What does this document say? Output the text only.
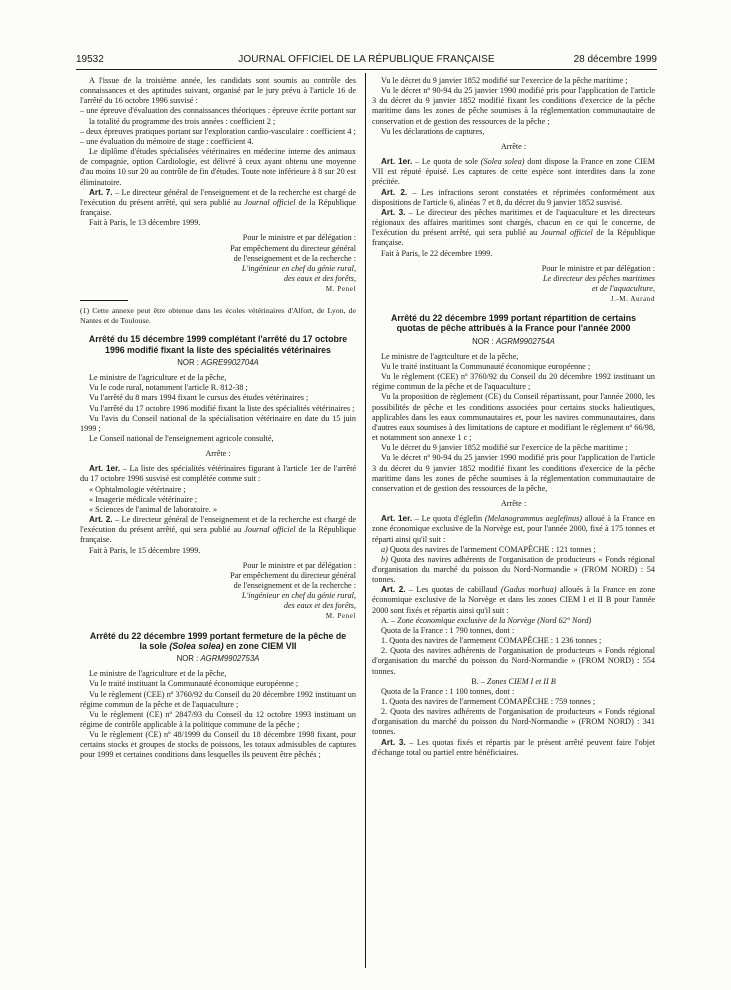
19532	JOURNAL OFFICIEL DE LA RÉPUBLIQUE FRANÇAISE	28 décembre 1999

A l'issue de la troisième année, les candidats sont soumis au contrôle des connaissances et des aptitudes suivant, organisé par le jury prévu à l'article 16 de l'arrêté du 16 octobre 1996 susvisé :

– une épreuve d'évaluation des connaissances théoriques : épreuve écrite portant sur la totalité du programme des trois années : coefficient 2 ;

– deux épreuves pratiques portant sur l'exploration cardio-vasculaire : coefficient 4 ;

– une évaluation du mémoire de stage : coefficient 4.

Le diplôme d'études spécialisées vétérinaires en médecine interne des animaux de compagnie, option Cardiologie, est délivré à ceux ayant obtenu une moyenne d'au moins 10 sur 20 au contrôle de fin d'études. Toute note inférieure à 8 sur 20 est éliminatoire.

Art. 7. – Le directeur général de l'enseignement et de la recherche est chargé de l'exécution du présent arrêté, qui sera publié au Journal officiel de la République française.

Fait à Paris, le 13 décembre 1999.

Pour le ministre et par délégation :

Par empêchement du directeur général

de l'enseignement et de la recherche :

L'ingénieur en chef du génie rural,

des eaux et des forêts,

M. Penel

(1) Cette annexe peut être obtenue dans les écoles vétérinaires d'Alfort, de Lyon, de Nantes et de Toulouse.

Arrêté du 15 décembre 1999 complétant l'arrêté du 17 octobre 1996 modifié fixant la liste des spécialités vétérinaires

NOR : AGRE9902704A

Le ministre de l'agriculture et de la pêche,

Vu le code rural, notamment l'article R. 812-38 ;

Vu l'arrêté du 8 mars 1994 fixant le cursus des études vétérinaires ;

Vu l'arrêté du 17 octobre 1996 modifié fixant la liste des spécialités vétérinaires ;

Vu l'avis du Conseil national de la spécialisation vétérinaire en date du 15 juin 1999 ;

Le Conseil national de l'enseignement agricole consulté,

Arrête :

Art. 1er. – La liste des spécialités vétérinaires figurant à l'article 1er de l'arrêté du 17 octobre 1996 susvisé est complétée comme suit :

« Ophtalmologie vétérinaire ;

« Imagerie médicale vétérinaire ;

« Sciences de l'animal de laboratoire. »

Art. 2. – Le directeur général de l'enseignement et de la recherche est chargé de l'exécution du présent arrêté, qui sera publié au Journal officiel de la République française.

Fait à Paris, le 15 décembre 1999.

Pour le ministre et par délégation :

Par empêchement du directeur général

de l'enseignement et de la recherche :

L'ingénieur en chef du génie rural,

des eaux et des forêts,

M. Penel

Arrêté du 22 décembre 1999 portant fermeture de la pêche de la sole (Solea solea) en zone CIEM VII

NOR : AGRM9902753A

Le ministre de l'agriculture et de la pêche,

Vu le traité instituant la Communauté économique européenne ;

Vu le règlement (CEE) nº 3760/92 du Conseil du 20 décembre 1992 instituant un régime commun de la pêche et de l'aquaculture ;

Vu le règlement (CE) nº 2847/93 du Conseil du 12 octobre 1993 instituant un régime de contrôle applicable à la politique commune de la pêche ;

Vu le règlement (CE) nº 48/1999 du Conseil du 18 décembre 1998 fixant, pour certains stocks et groupes de stocks de poissons, les totaux admissibles de captures pour 1999 et certaines conditions dans lesquelles ils peuvent être pêchés ;

Vu le décret du 9 janvier 1852 modifié sur l'exercice de la pêche maritime ;

Vu le décret nº 90-94 du 25 janvier 1990 modifié pris pour l'application de l'article 3 du décret du 9 janvier 1852 modifié fixant les conditions d'exercice de la pêche maritime dans les zones de pêche soumises à la réglementation communautaire de conservation et de gestion des ressources de la pêche ;

Vu les déclarations de captures,

Arrête :

Art. 1er. – Le quota de sole (Solea solea) dont dispose la France en zone CIEM VII est réputé épuisé. Les captures de cette espèce sont interdites dans la zone précitée.

Art. 2. – Les infractions seront constatées et réprimées conformément aux dispositions de l'article 6, alinéas 7 et 8, du décret du 9 janvier 1852 susvisé.

Art. 3. – Le directeur des pêches maritimes et de l'aquaculture et les directeurs régionaux des affaires maritimes sont chargés, chacun en ce qui le concerne, de l'exécution du présent arrêté, qui sera publié au Journal officiel de la République française.

Fait à Paris, le 22 décembre 1999.

Pour le ministre et par délégation :

Le directeur des pêches maritimes

et de l'aquaculture,

J.-M. Aurand

Arrêté du 22 décembre 1999 portant répartition de certains quotas de pêche attribués à la France pour l'année 2000

NOR : AGRM9902754A

Le ministre de l'agriculture et de la pêche,

Vu le traité instituant la Communauté économique européenne ;

Vu le règlement (CEE) nº 3760/92 du Conseil du 20 décembre 1992 instituant un régime commun de la pêche et de l'aquaculture ;

Vu la proposition de règlement (CE) du Conseil répartissant, pour l'année 2000, les possibilités de pêche et les conditions associées pour certains stocks halieutiques, applicables dans les eaux communautaires et, pour les navires communautaires, dans d'autres eaux soumises à des limitations de capture et modifiant le règlement nº 66/98, et notamment son annexe 1 c ;

Vu le décret du 9 janvier 1852 modifié sur l'exercice de la pêche maritime ;

Vu le décret nº 90-94 du 25 janvier 1990 modifié pris pour l'application de l'article 3 du décret du 9 janvier 1852 modifié fixant les conditions d'exercice de la pêche maritime dans les zones de pêche soumises à la réglementation communautaire de conservation et de gestion des ressources de la pêche,

Arrête :

Art. 1er. – Le quota d'églefin (Melanogrammus aeglefinus) alloué à la France en zone économique exclusive de la Norvège est, pour l'année 2000, fixé à 175 tonnes et réparti ainsi qu'il suit :

a) Quota des navires de l'armement COMAPÊCHE : 121 tonnes ;

b) Quota des navires adhérents de l'organisation de producteurs « Fonds régional d'organisation du marché du poisson du Nord-Normandie » (FROM NORD) : 54 tonnes.

Art. 2. – Les quotas de cabillaud (Gadus morhua) alloués à la France en zone économique exclusive de la Norvège et dans les zones CIEM I et II B pour l'année 2000 sont fixés et répartis ainsi qu'il suit :

A. – Zone économique exclusive de la Norvège (Nord 62° Nord)

Quota de la France : 1 790 tonnes, dont :

1. Quota des navires de l'armement COMAPÊCHE : 1 236 tonnes ;

2. Quota des navires adhérents de l'organisation de producteurs « Fonds régional d'organisation du marché du poisson du Nord-Normandie » (FROM NORD) : 554 tonnes.

B. – Zones CIEM I et II B

Quota de la France : 1 100 tonnes, dont :

1. Quota des navires de l'armement COMAPÊCHE : 759 tonnes ;

2. Quota des navires adhérents de l'organisation de producteurs « Fonds régional d'organisation du marché du poisson du Nord-Normandie » (FROM NORD) : 341 tonnes.

Art. 3. – Les quotas fixés et répartis par le présent arrêté peuvent faire l'objet d'échange total ou partiel entre bénéficiaires.
